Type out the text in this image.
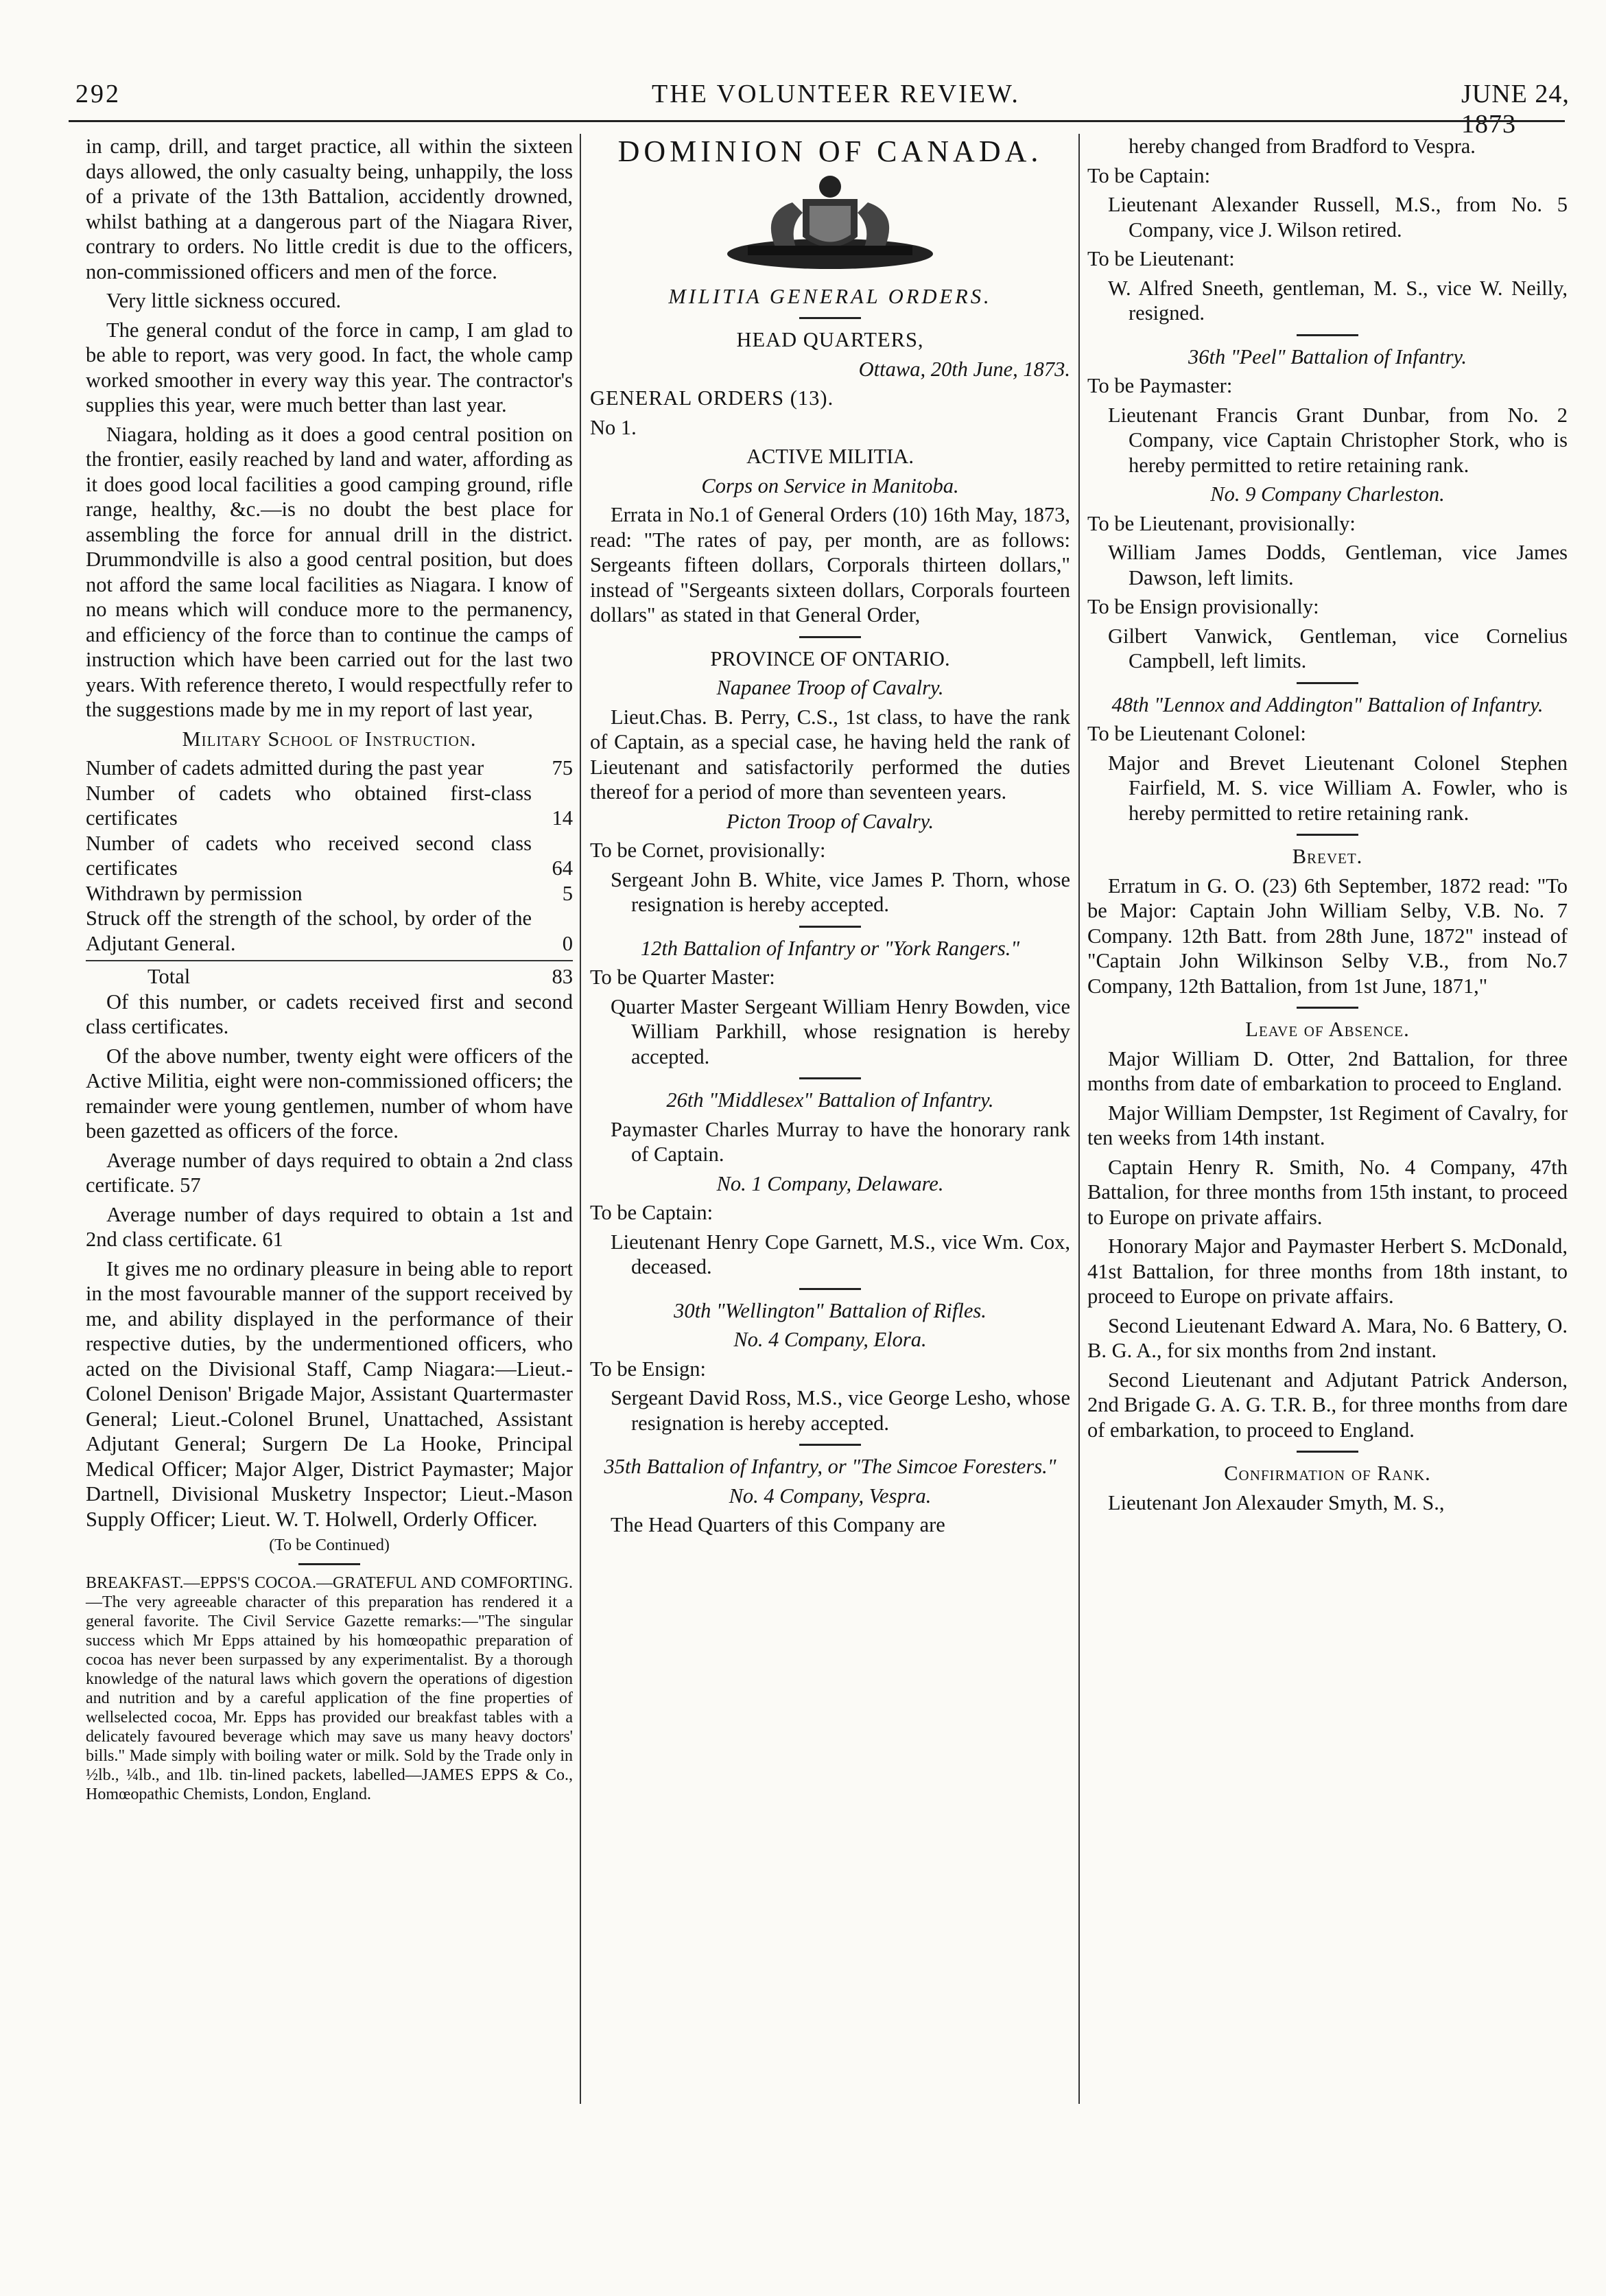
292	THE VOLUNTEER REVIEW.	JUNE 24, 1873

in camp, drill, and target practice, all within the sixteen days allowed, the only casualty being, unhappily, the loss of a private of the 13th Battalion, accidently drowned, whilst bathing at a dangerous part of the Niagara River, contrary to orders. No little credit is due to the officers, non-commissioned officers and men of the force.

Very little sickness occured.

The general condut of the force in camp, I am glad to be able to report, was very good. In fact, the whole camp worked smoother in every way this year. The contractor's supplies this year, were much better than last year.

Niagara, holding as it does a good central position on the frontier, easily reached by land and water, affording as it does good local facilities a good camping ground, rifle range, healthy, &c.—is no doubt the best place for assembling the force for annual drill in the district. Drummondville is also a good central position, but does not afford the same local facilities as Niagara. I know of no means which will conduce more to the permanency, and efficiency of the force than to continue the camps of instruction which have been carried out for the last two years. With reference thereto, I would respectfully refer to the suggestions made by me in my report of last year,

Military School of Instruction.

Number of cadets admitted during the past year	75
Number of cadets who obtained first-class certificates	14
Number of cadets who received second class certificates	64
Withdrawn by permission	5
Struck off the strength of the school, by order of the Adjutant General.	0
Total	83

Of this number, or cadets received first and second class certificates.

Of the above number, twenty eight were officers of the Active Militia, eight were non-commissioned officers; the remainder were young gentlemen, number of whom have been gazetted as officers of the force.

Average number of days required to obtain a 2nd class certificate. 57

Average number of days required to obtain a 1st and 2nd class certificate. 61

It gives me no ordinary pleasure in being able to report in the most favourable manner of the support received by me, and ability displayed in the performance of their respective duties, by the undermentioned officers, who acted on the Divisional Staff, Camp Niagara:—Lieut.-Colonel Denison' Brigade Major, Assistant Quartermaster General; Lieut.-Colonel Brunel, Unattached, Assistant Adjutant General; Surgern De La Hooke, Principal Medical Officer; Major Alger, District Paymaster; Major Dartnell, Divisional Musketry Inspector; Lieut.-Mason Supply Officer; Lieut. W. T. Holwell, Orderly Officer.

(To be Continued)

BREAKFAST.—EPPS'S COCOA.—GRATEFUL AND COMFORTING.—The very agreeable character of this preparation has rendered it a general favorite. The Civil Service Gazette remarks:—"The singular success which Mr Epps attained by his homœopathic preparation of cocoa has never been surpassed by any experimentalist. By a thorough knowledge of the natural laws which govern the operations of digestion and nutrition and by a careful application of the fine properties of wellselected cocoa, Mr. Epps has provided our breakfast tables with a delicately favoured beverage which may save us many heavy doctors' bills." Made simply with boiling water or milk. Sold by the Trade only in ½lb., ¼lb., and 1lb. tin-lined packets, labelled—JAMES EPPS & Co., Homœopathic Chemists, London, England.

DOMINION OF CANADA.

MILITIA GENERAL ORDERS.

HEAD QUARTERS,

Ottawa, 20th June, 1873.

GENERAL ORDERS (13).

No 1.

ACTIVE MILITIA.

Corps on Service in Manitoba.

Errata in No.1 of General Orders (10) 16th May, 1873, read: "The rates of pay, per month, are as follows: Sergeants fifteen dollars, Corporals thirteen dollars," instead of "Sergeants sixteen dollars, Corporals fourteen dollars" as stated in that General Order,

PROVINCE OF ONTARIO.

Napanee Troop of Cavalry.

Lieut.Chas. B. Perry, C.S., 1st class, to have the rank of Captain, as a special case, he having held the rank of Lieutenant and satisfactorily performed the duties thereof for a period of more than seventeen years.

Picton Troop of Cavalry.

To be Cornet, provisionally:

Sergeant John B. White, vice James P. Thorn, whose resignation is hereby accepted.

12th Battalion of Infantry or "York Rangers."

To be Quarter Master:

Quarter Master Sergeant William Henry Bowden, vice William Parkhill, whose resignation is hereby accepted.

26th "Middlesex" Battalion of Infantry.

Paymaster Charles Murray to have the honorary rank of Captain.

No. 1 Company, Delaware.

To be Captain:

Lieutenant Henry Cope Garnett, M.S., vice Wm. Cox, deceased.

30th "Wellington" Battalion of Rifles.

No. 4 Company, Elora.

To be Ensign:

Sergeant David Ross, M.S., vice George Lesho, whose resignation is hereby accepted.

35th Battalion of Infantry, or "The Simcoe Foresters."

No. 4 Company, Vespra.

The Head Quarters of this Company are

hereby changed from Bradford to Vespra.

To be Captain:

Lieutenant Alexander Russell, M.S., from No. 5 Company, vice J. Wilson retired.

To be Lieutenant:

W. Alfred Sneeth, gentleman, M. S., vice W. Neilly, resigned.

36th "Peel" Battalion of Infantry.

To be Paymaster:

Lieutenant Francis Grant Dunbar, from No. 2 Company, vice Captain Christopher Stork, who is hereby permitted to retire retaining rank.

No. 9 Company Charleston.

To be Lieutenant, provisionally:

William James Dodds, Gentleman, vice James Dawson, left limits.

To be Ensign provisionally:

Gilbert Vanwick, Gentleman, vice Cornelius Campbell, left limits.

48th "Lennox and Addington" Battalion of Infantry.

To be Lieutenant Colonel:

Major and Brevet Lieutenant Colonel Stephen Fairfield, M. S. vice William A. Fowler, who is hereby permitted to retire retaining rank.

Brevet.

Erratum in G. O. (23) 6th September, 1872 read: "To be Major: Captain John William Selby, V.B. No. 7 Company. 12th Batt. from 28th June, 1872" instead of "Captain John Wilkinson Selby V.B., from No.7 Company, 12th Battalion, from 1st June, 1871,"

Leave of Absence.

Major William D. Otter, 2nd Battalion, for three months from date of embarkation to proceed to England.

Major William Dempster, 1st Regiment of Cavalry, for ten weeks from 14th instant.

Captain Henry R. Smith, No. 4 Company, 47th Battalion, for three months from 15th instant, to proceed to Europe on private affairs.

Honorary Major and Paymaster Herbert S. McDonald, 41st Battalion, for three months from 18th instant, to proceed to Europe on private affairs.

Second Lieutenant Edward A. Mara, No. 6 Battery, O. B. G. A., for six months from 2nd instant.

Second Lieutenant and Adjutant Patrick Anderson, 2nd Brigade G. A. G. T.R. B., for three months from dare of embarkation, to proceed to England.

Confirmation of Rank.

Lieutenant Jon Alexauder Smyth, M. S.,
